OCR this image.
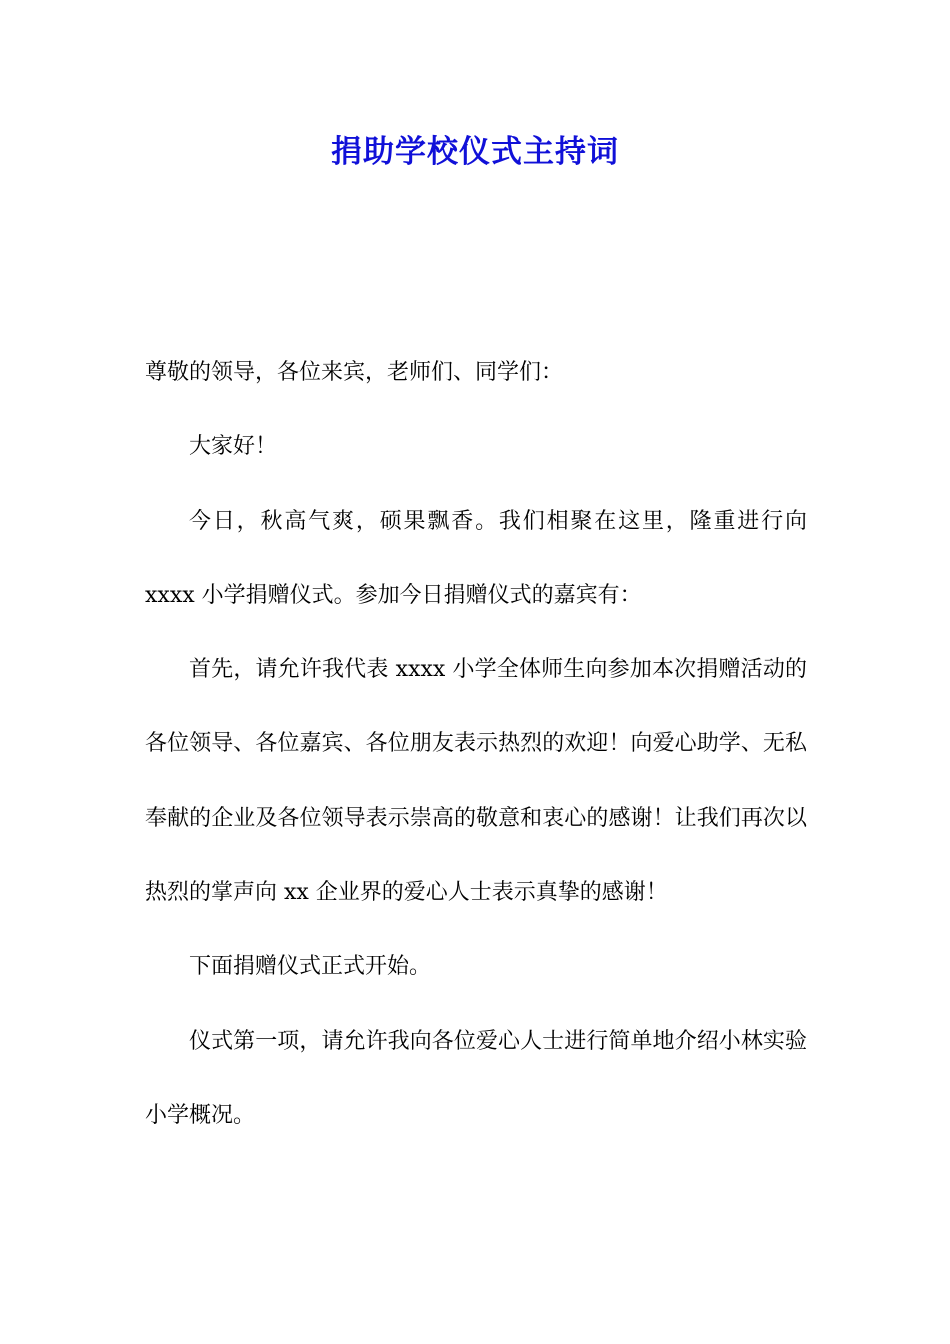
捐助学校仪式主持词

尊敬的领导，各位来宾，老师们、同学们：

大家好！

今日，秋高气爽，硕果飘香。我们相聚在这里，隆重进行向 xxxx 小学捐赠仪式。参加今日捐赠仪式的嘉宾有：

首先，请允许我代表 xxxx 小学全体师生向参加本次捐赠活动的各位领导、各位嘉宾、各位朋友表示热烈的欢迎！向爱心助学、无私奉献的企业及各位领导表示崇高的敬意和衷心的感谢！让我们再次以热烈的掌声向 xx 企业界的爱心人士表示真挚的感谢！

下面捐赠仪式正式开始。

仪式第一项，请允许我向各位爱心人士进行简单地介绍小林实验小学概况。
